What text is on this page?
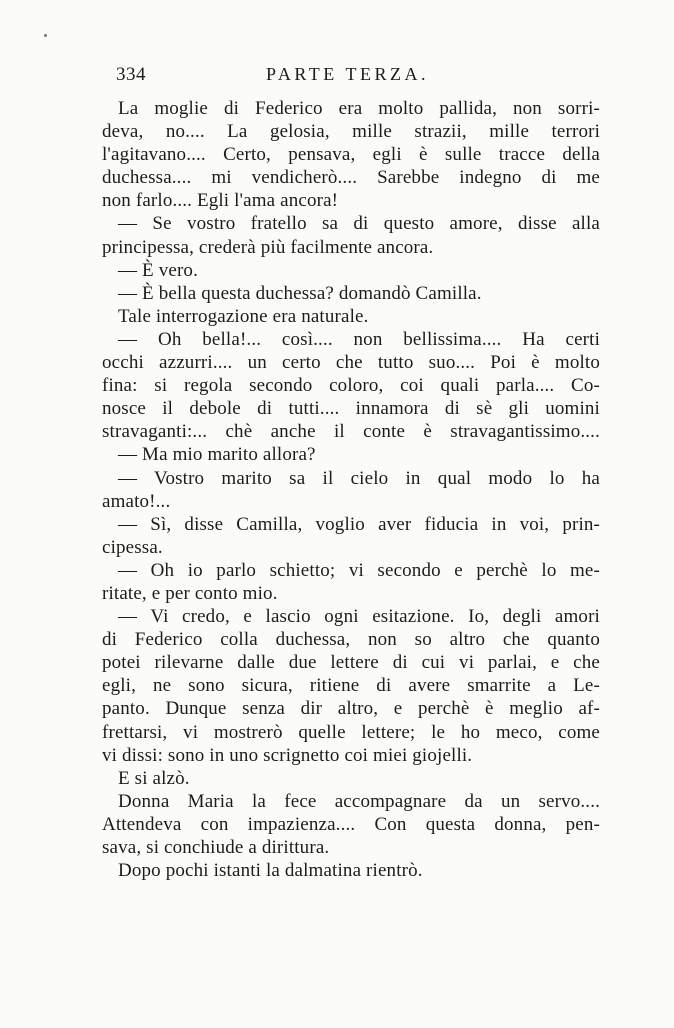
334	PARTE TERZA.
La moglie di Federico era molto pallida, non sorri-
deva, no.... La gelosia, mille strazii, mille terrori
l'agitavano.... Certo, pensava, egli è sulle tracce della
duchessa.... mi vendicherò.... Sarebbe indegno di me
non farlo.... Egli l'ama ancora!
— Se vostro fratello sa di questo amore, disse alla
principessa, crederà più facilmente ancora.
— È vero.
— È bella questa duchessa? domandò Camilla.
Tale interrogazione era naturale.
— Oh bella!... così.... non bellissima.... Ha certi
occhi azzurri.... un certo che tutto suo.... Poi è molto
fina: si regola secondo coloro, coi quali parla.... Co-
nosce il debole di tutti.... innamora di sè gli uomini
stravaganti:... chè anche il conte è stravagantissimo....
— Ma mio marito allora?
— Vostro marito sa il cielo in qual modo lo ha
amato!...
— Sì, disse Camilla, voglio aver fiducia in voi, prin-
cipessa.
— Oh io parlo schietto; vi secondo e perchè lo me-
ritate, e per conto mio.
— Vi credo, e lascio ogni esitazione. Io, degli amori
di Federico colla duchessa, non so altro che quanto
potei rilevarne dalle due lettere di cui vi parlai, e che
egli, ne sono sicura, ritiene di avere smarrite a Le-
panto. Dunque senza dir altro, e perchè è meglio af-
frettarsi, vi mostrerò quelle lettere; le ho meco, come
vi dissi: sono in uno scrignetto coi miei giojelli.
E si alzò.
Donna Maria la fece accompagnare da un servo....
Attendeva con impazienza.... Con questa donna, pen-
sava, si conchiude a dirittura.
Dopo pochi istanti la dalmatina rientrò.
